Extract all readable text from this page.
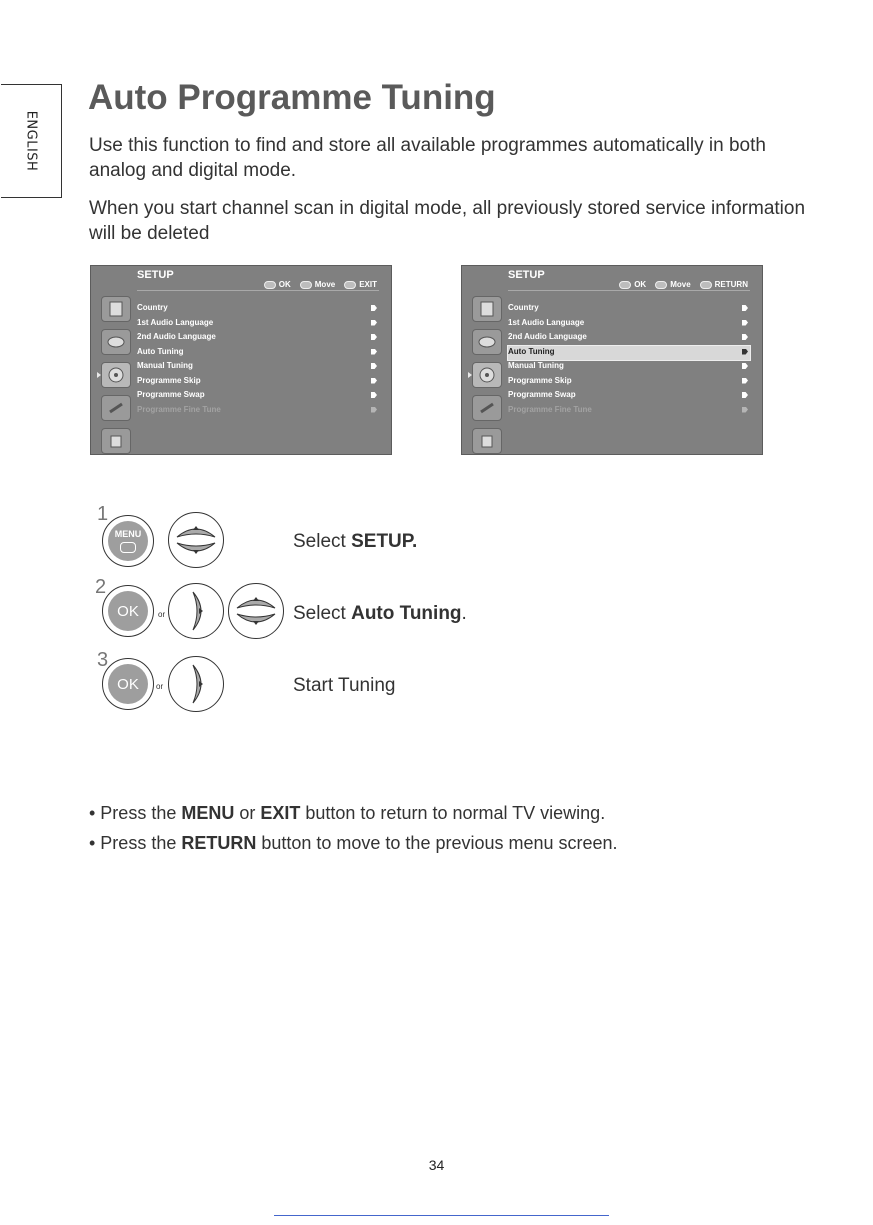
ENGLISH
Auto Programme Tuning

Use this function to find and store all available programmes automatically in both analog and digital mode.

When you start channel scan in digital mode, all previously stored service information will be deleted

SETUP
OK	Move	EXIT
Country
1st Audio Language
2nd Audio Language
Auto Tuning
Manual Tuning
Programme Skip
Programme Swap
Programme Fine Tune
SETUP
OK	Move	RETURN
Country
1st Audio Language
2nd Audio Language
Auto Tuning
Manual Tuning
Programme Skip
Programme Swap
Programme Fine Tune
1
MENU	Select SETUP.
2
OK or	Select Auto Tuning.
3
OK or	Start Tuning
• Press the MENU or EXIT button to return to normal TV viewing.
• Press the RETURN button to move to the previous menu screen.
34
